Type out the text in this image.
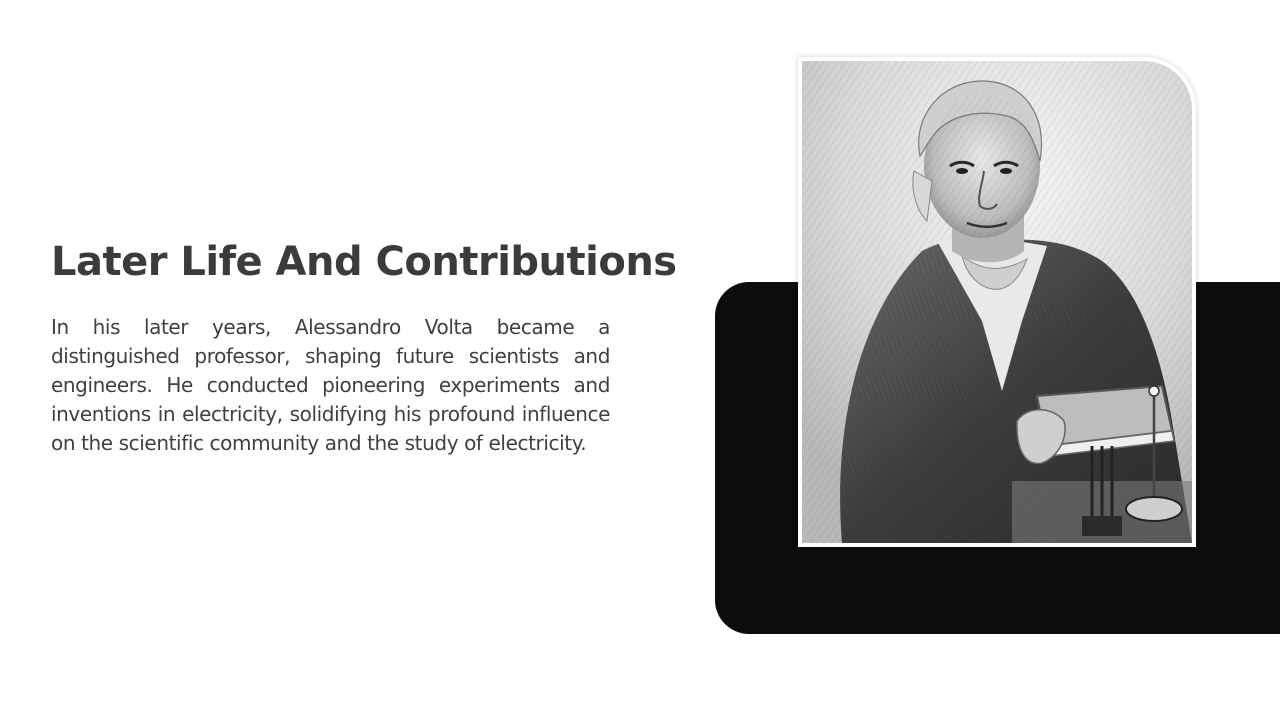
Later Life And Contributions

In his later years, Alessandro Volta became a distinguished professor, shaping future scientists and engineers. He conducted pioneering experiments and inventions in electricity, solidifying his profound influence on the scientific community and the study of electricity.
